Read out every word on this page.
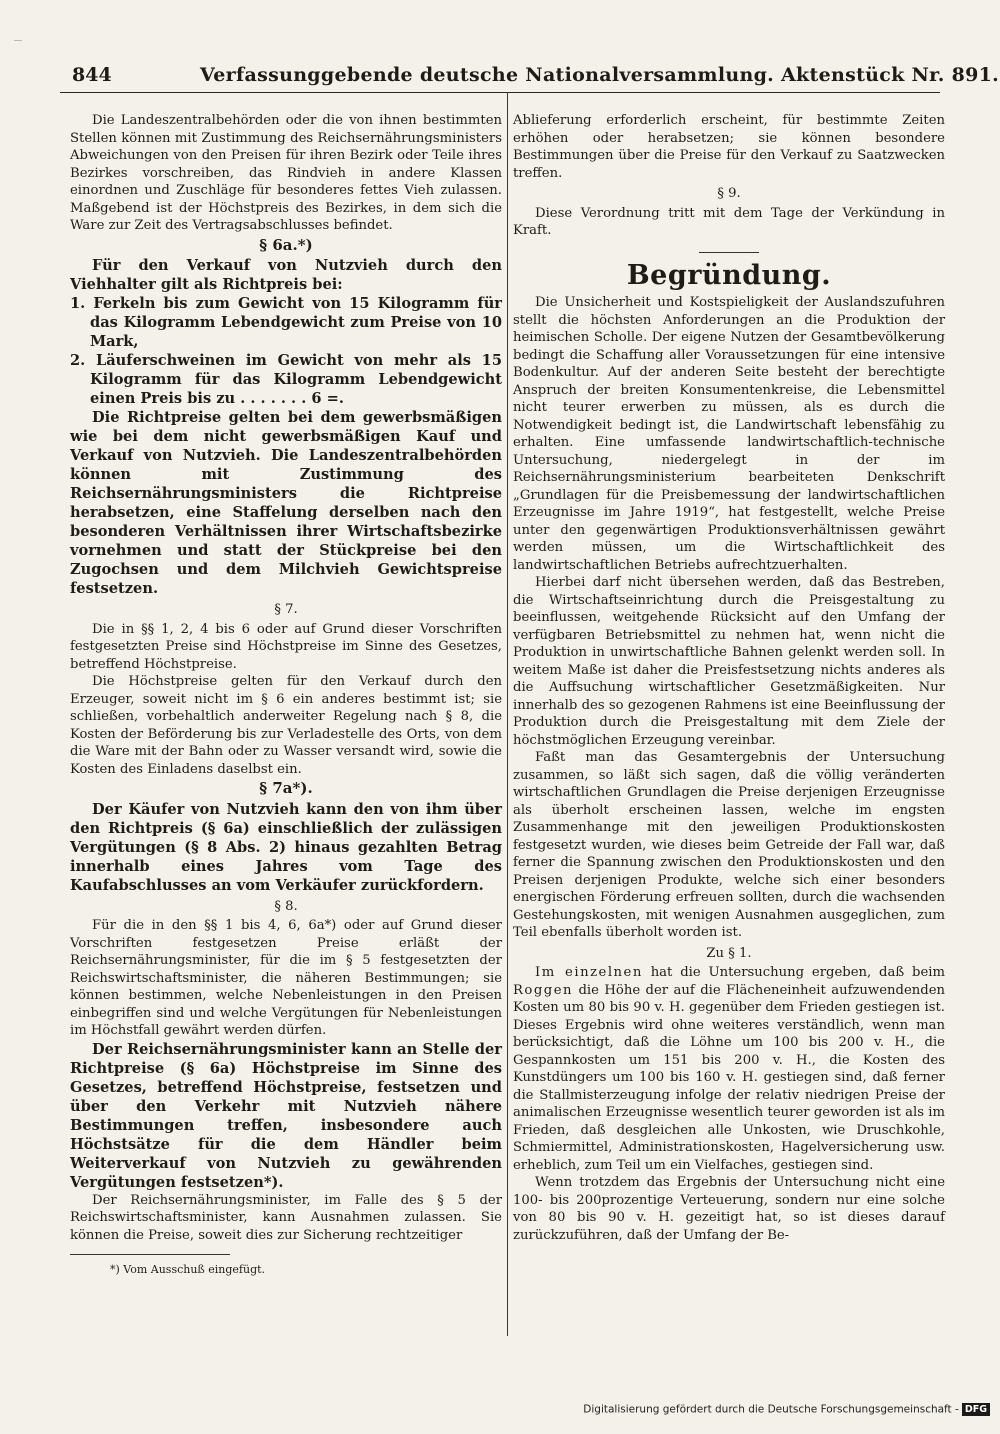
844	Verfassunggebende deutsche Nationalversammlung. Aktenstück Nr. 891.

Die Landeszentralbehörden oder die von ihnen bestimmten Stellen können mit Zustimmung des Reichsernährungsministers Abweichungen von den Preisen für ihren Bezirk oder Teile ihres Bezirkes vorschreiben, das Rindvieh in andere Klassen einordnen und Zuschläge für besonderes fettes Vieh zulassen. Maßgebend ist der Höchstpreis des Bezirkes, in dem sich die Ware zur Zeit des Vertragsabschlusses befindet.

§ 6a.*)

Für den Verkauf von Nutzvieh durch den Viehhalter gilt als Richtpreis bei:

1. Ferkeln bis zum Gewicht von 15 Kilogramm für das Kilogramm Lebendgewicht zum Preise von 10 Mark,

2. Läuferschweinen im Gewicht von mehr als 15 Kilogramm für das Kilogramm Lebendgewicht einen Preis bis zu . . . . . . . 6 =.

Die Richtpreise gelten bei dem gewerbsmäßigen wie bei dem nicht gewerbsmäßigen Kauf und Verkauf von Nutzvieh. Die Landeszentralbehörden können mit Zustimmung des Reichsernährungsministers die Richtpreise herabsetzen, eine Staffelung derselben nach den besonderen Verhältnissen ihrer Wirtschaftsbezirke vornehmen und statt der Stückpreise bei den Zugochsen und dem Milchvieh Gewichtspreise festsetzen.

§ 7.

Die in §§ 1, 2, 4 bis 6 oder auf Grund dieser Vorschriften festgesetzten Preise sind Höchstpreise im Sinne des Gesetzes, betreffend Höchstpreise.

Die Höchstpreise gelten für den Verkauf durch den Erzeuger, soweit nicht im § 6 ein anderes bestimmt ist; sie schließen, vorbehaltlich anderweiter Regelung nach § 8, die Kosten der Beförderung bis zur Verladestelle des Orts, von dem die Ware mit der Bahn oder zu Wasser versandt wird, sowie die Kosten des Einladens daselbst ein.

§ 7a*).

Der Käufer von Nutzvieh kann den von ihm über den Richtpreis (§ 6a) einschließlich der zulässigen Vergütungen (§ 8 Abs. 2) hinaus gezahlten Betrag innerhalb eines Jahres vom Tage des Kaufabschlusses an vom Verkäufer zurückfordern.

§ 8.

Für die in den §§ 1 bis 4, 6, 6a*) oder auf Grund dieser Vorschriften festgesetzen Preise erläßt der Reichsernährungsminister, für die im § 5 festgesetzten der Reichswirtschaftsminister, die näheren Bestimmungen; sie können bestimmen, welche Nebenleistungen in den Preisen einbegriffen sind und welche Vergütungen für Nebenleistungen im Höchstfall gewährt werden dürfen.

Der Reichsernährungsminister kann an Stelle der Richtpreise (§ 6a) Höchstpreise im Sinne des Gesetzes, betreffend Höchstpreise, festsetzen und über den Verkehr mit Nutzvieh nähere Bestimmungen treffen, insbesondere auch Höchstsätze für die dem Händler beim Weiterverkauf von Nutzvieh zu gewährenden Vergütungen festsetzen*).

Der Reichsernährungsminister, im Falle des § 5 der Reichswirtschaftsminister, kann Ausnahmen zulassen. Sie können die Preise, soweit dies zur Sicherung rechtzeitiger

*) Vom Ausschuß eingefügt.

Ablieferung erforderlich erscheint, für bestimmte Zeiten erhöhen oder herabsetzen; sie können besondere Bestimmungen über die Preise für den Verkauf zu Saatzwecken treffen.

§ 9.

Diese Verordnung tritt mit dem Tage der Verkündung in Kraft.

Begründung.

Die Unsicherheit und Kostspieligkeit der Auslandszufuhren stellt die höchsten Anforderungen an die Produktion der heimischen Scholle. Der eigene Nutzen der Gesamtbevölkerung bedingt die Schaffung aller Voraussetzungen für eine intensive Bodenkultur. Auf der anderen Seite besteht der berechtigte Anspruch der breiten Konsumentenkreise, die Lebensmittel nicht teurer erwerben zu müssen, als es durch die Notwendigkeit bedingt ist, die Landwirtschaft lebensfähig zu erhalten. Eine umfassende landwirtschaftlich-technische Untersuchung, niedergelegt in der im Reichsernährungsministerium bearbeiteten Denkschrift „Grundlagen für die Preisbemessung der landwirtschaftlichen Erzeugnisse im Jahre 1919“, hat festgestellt, welche Preise unter den gegenwärtigen Produktionsverhältnissen gewährt werden müssen, um die Wirtschaftlichkeit des landwirtschaftlichen Betriebs aufrechtzuerhalten.

Hierbei darf nicht übersehen werden, daß das Bestreben, die Wirtschaftseinrichtung durch die Preisgestaltung zu beeinflussen, weitgehende Rücksicht auf den Umfang der verfügbaren Betriebsmittel zu nehmen hat, wenn nicht die Produktion in unwirtschaftliche Bahnen gelenkt werden soll. In weitem Maße ist daher die Preisfestsetzung nichts anderes als die Auffsuchung wirtschaftlicher Gesetzmäßigkeiten. Nur innerhalb des so gezogenen Rahmens ist eine Beeinflussung der Produktion durch die Preisgestaltung mit dem Ziele der höchstmöglichen Erzeugung vereinbar.

Faßt man das Gesamtergebnis der Untersuchung zusammen, so läßt sich sagen, daß die völlig veränderten wirtschaftlichen Grundlagen die Preise derjenigen Erzeugnisse als überholt erscheinen lassen, welche im engsten Zusammenhange mit den jeweiligen Produktionskosten festgesetzt wurden, wie dieses beim Getreide der Fall war, daß ferner die Spannung zwischen den Produktionskosten und den Preisen derjenigen Produkte, welche sich einer besonders energischen Förderung erfreuen sollten, durch die wachsenden Gestehungskosten, mit wenigen Ausnahmen ausgeglichen, zum Teil ebenfalls überholt worden ist.

Zu § 1.

Im einzelnen hat die Untersuchung ergeben, daß beim Roggen die Höhe der auf die Flächeneinheit aufzuwendenden Kosten um 80 bis 90 v. H. gegenüber dem Frieden gestiegen ist. Dieses Ergebnis wird ohne weiteres verständlich, wenn man berücksichtigt, daß die Löhne um 100 bis 200 v. H., die Gespannkosten um 151 bis 200 v. H., die Kosten des Kunstdüngers um 100 bis 160 v. H. gestiegen sind, daß ferner die Stallmisterzeugung infolge der relativ niedrigen Preise der animalischen Erzeugnisse wesentlich teurer geworden ist als im Frieden, daß desgleichen alle Unkosten, wie Druschkohle, Schmiermittel, Administrationskosten, Hagelversicherung usw. erheblich, zum Teil um ein Vielfaches, gestiegen sind.

Wenn trotzdem das Ergebnis der Untersuchung nicht eine 100- bis 200prozentige Verteuerung, sondern nur eine solche von 80 bis 90 v. H. gezeitigt hat, so ist dieses darauf zurückzuführen, daß der Umfang der Be-

Digitalisierung gefördert durch die Deutsche Forschungsgemeinschaft - DFG
